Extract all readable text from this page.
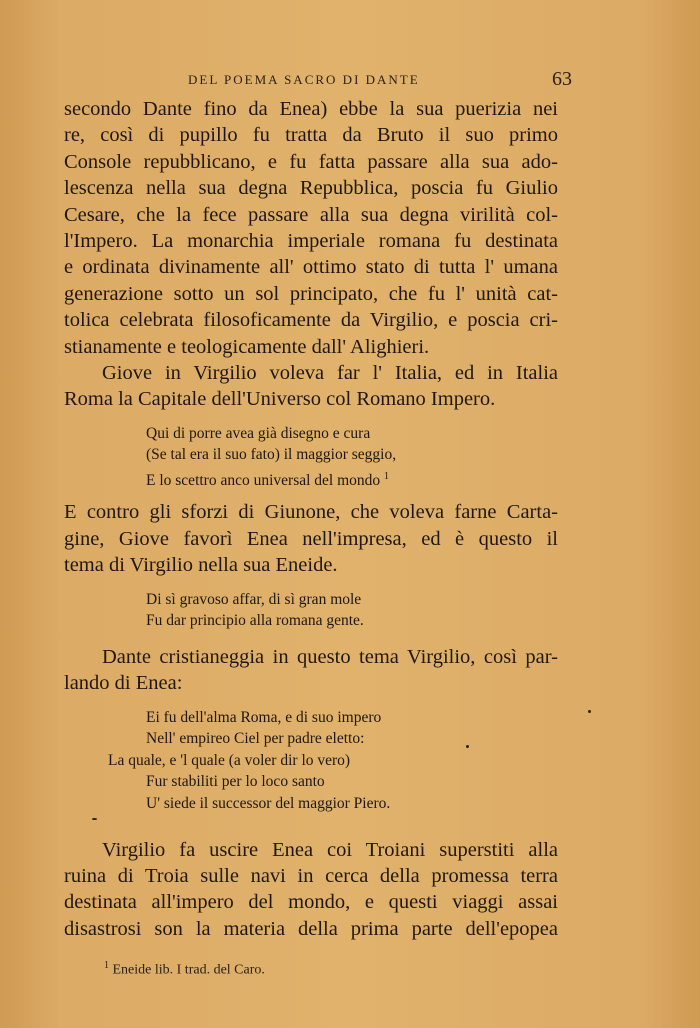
DEL POEMA SACRO DI DANTE	63
secondo Dante fino da Enea) ebbe la sua puerizia nei
re, così di pupillo fu tratta da Bruto il suo primo
Console repubblicano, e fu fatta passare alla sua ado-
lescenza nella sua degna Repubblica, poscia fu Giulio
Cesare, che la fece passare alla sua degna virilità col-
l'Impero. La monarchia imperiale romana fu destinata
e ordinata divinamente all' ottimo stato di tutta l' umana
generazione sotto un sol principato, che fu l' unità cat-
tolica celebrata filosoficamente da Virgilio, e poscia cri-
stianamente e teologicamente dall' Alighieri.
Giove in Virgilio voleva far l' Italia, ed in Italia
Roma la Capitale dell'Universo col Romano Impero.
Qui di porre avea già disegno e cura
(Se tal era il suo fato) il maggior seggio,
E lo scettro anco universal del mondo $^1$
E contro gli sforzi di Giunone, che voleva farne Carta-
gine, Giove favorì Enea nell'impresa, ed è questo il
tema di Virgilio nella sua Eneide.
Di sì gravoso affar, di sì gran mole
Fu dar principio alla romana gente.
Dante cristianeggia in questo tema Virgilio, così par-
lando di Enea:
Ei fu dell'alma Roma, e di suo impero
Nell' empireo Ciel per padre eletto:
La quale, e 'l quale (a voler dir lo vero)
Fur stabiliti per lo loco santo
U' siede il successor del maggior Piero.
Virgilio fa uscire Enea coi Troiani superstiti alla
ruina di Troia sulle navi in cerca della promessa terra
destinata all'impero del mondo, e questi viaggi assai
disastrosi son la materia della prima parte dell'epopea
$^1$ Eneide lib. I trad. del Caro.
